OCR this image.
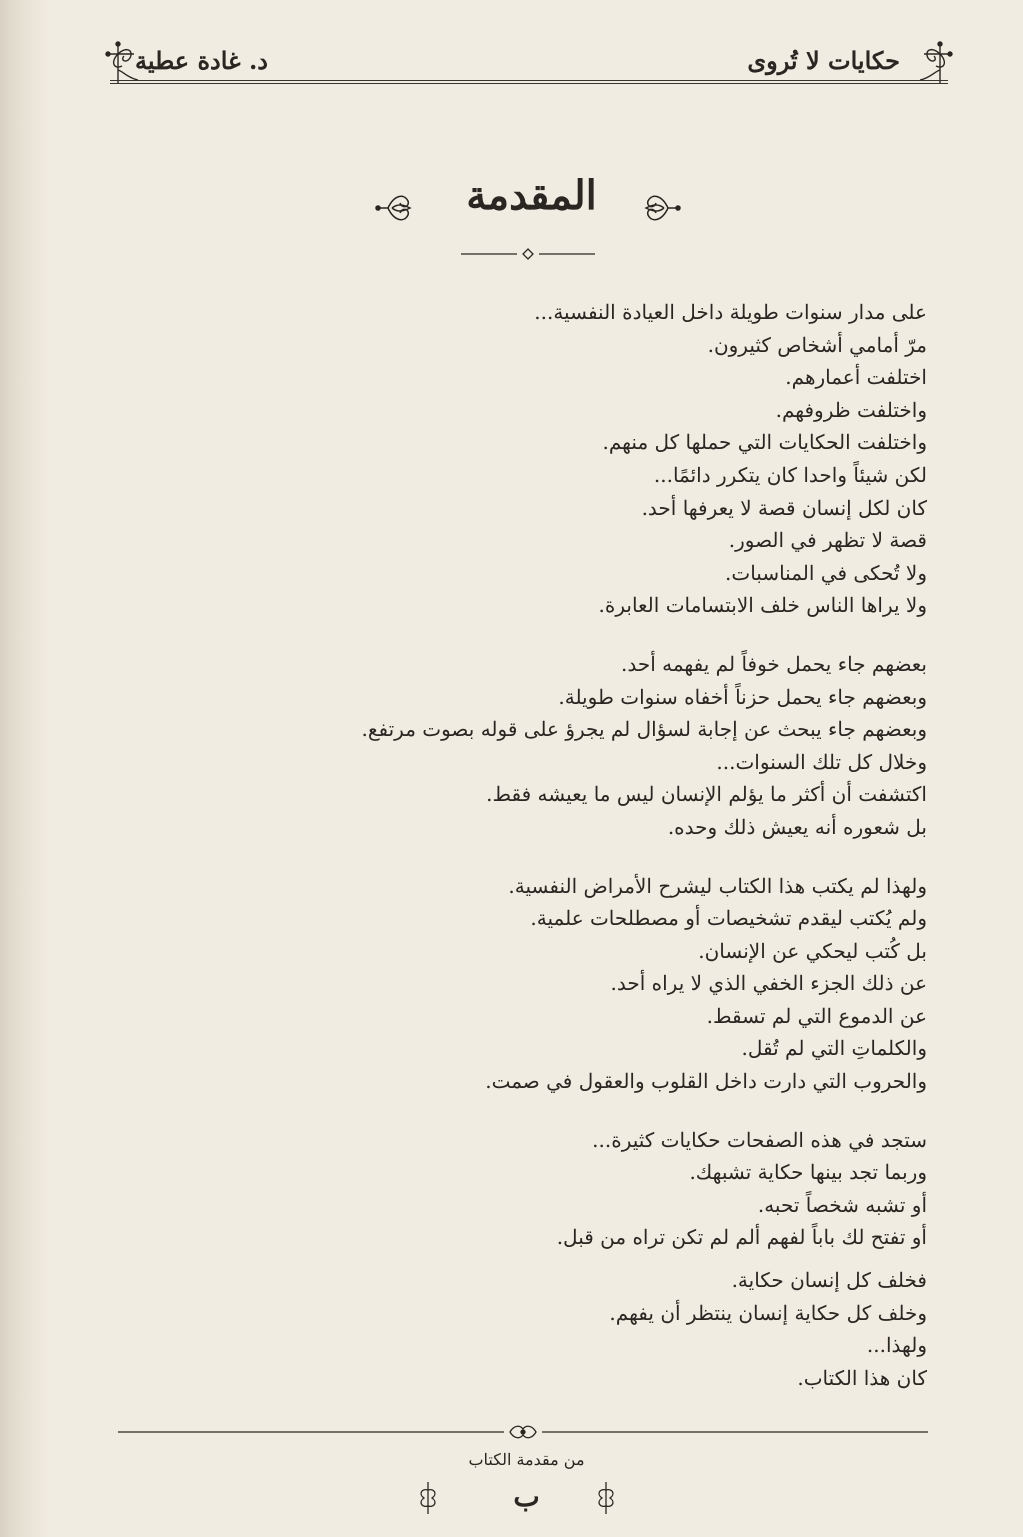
د. غادة عطية	حكايات لا تُروى
المقدمة
على مدار سنوات طويلة داخل العيادة النفسية...
مرّ أمامي أشخاص كثيرون.
اختلفت أعمارهم.
واختلفت ظروفهم.
واختلفت الحكايات التي حملها كل منهم.
لكن شيئاً واحدا كان يتكرر دائمًا...
كان لكل إنسان قصة لا يعرفها أحد.
قصة لا تظهر في الصور.
ولا تُحكى في المناسبات.
ولا يراها الناس خلف الابتسامات العابرة.
بعضهم جاء يحمل خوفاً لم يفهمه أحد.
وبعضهم جاء يحمل حزناً أخفاه سنوات طويلة.
وبعضهم جاء يبحث عن إجابة لسؤال لم يجرؤ على قوله بصوت مرتفع.
وخلال كل تلك السنوات...
اكتشفت أن أكثر ما يؤلم الإنسان ليس ما يعيشه فقط.
بل شعوره أنه يعيش ذلك وحده.
ولهذا لم يكتب هذا الكتاب ليشرح الأمراض النفسية.
ولم يُكتب ليقدم تشخيصات أو مصطلحات علمية.
بل كُتب ليحكي عن الإنسان.
عن ذلك الجزء الخفي الذي لا يراه أحد.
عن الدموع التي لم تسقط.
والكلماتِ التي لم تُقل.
والحروب التي دارت داخل القلوب والعقول في صمت.
ستجد في هذه الصفحات حكايات كثيرة...
وربما تجد بينها حكاية تشبهك.
أو تشبه شخصاً تحبه.
أو تفتح لك باباً لفهم ألم لم تكن تراه من قبل.
فخلف كل إنسان حكاية.
وخلف كل حكاية إنسان ينتظر أن يفهم.
ولهذا...
كان هذا الكتاب.
من مقدمة الكتاب
ب
